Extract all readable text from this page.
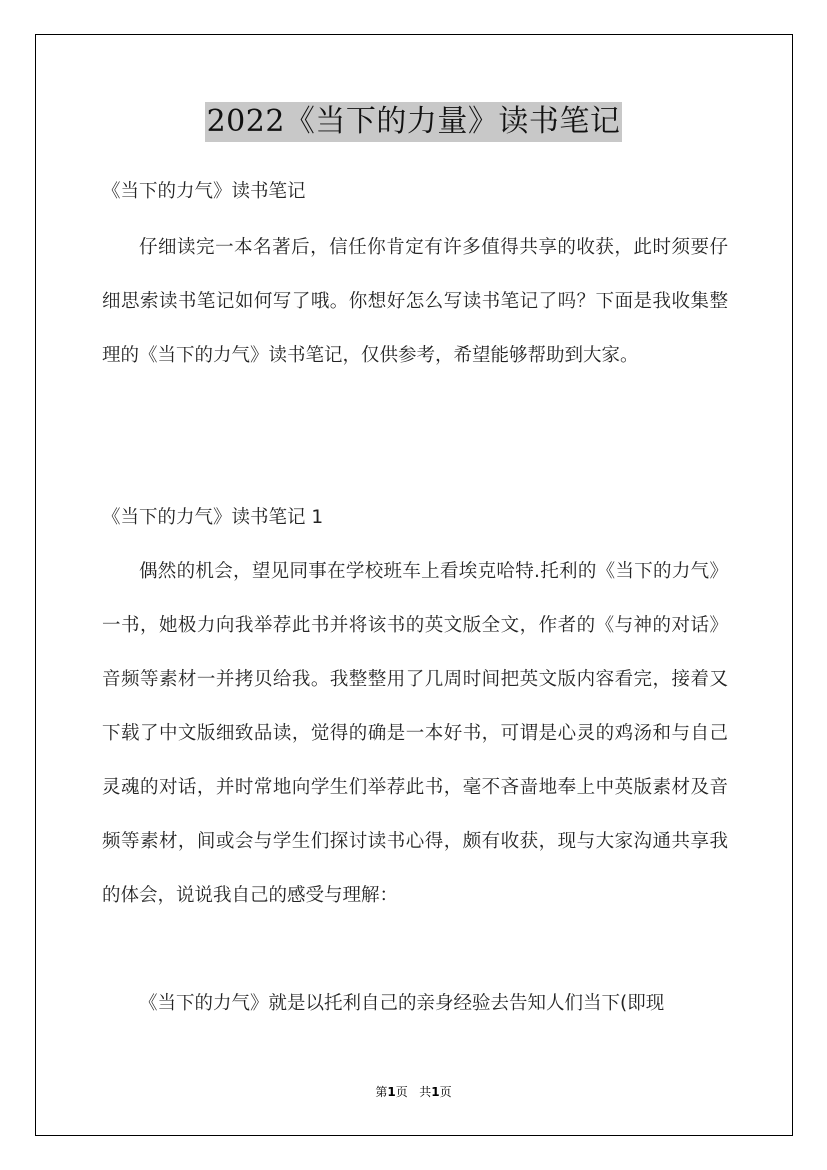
2022《当下的力量》读书笔记

《当下的力气》读书笔记

仔细读完一本名著后，信任你肯定有许多值得共享的收获，此时须要仔细思索读书笔记如何写了哦。你想好怎么写读书笔记了吗？下面是我收集整理的《当下的力气》读书笔记，仅供参考，希望能够帮助到大家。

《当下的力气》读书笔记 1

偶然的机会，望见同事在学校班车上看埃克哈特.托利的《当下的力气》一书，她极力向我举荐此书并将该书的英文版全文，作者的《与神的对话》音频等素材一并拷贝给我。我整整用了几周时间把英文版内容看完，接着又下载了中文版细致品读，觉得的确是一本好书，可谓是心灵的鸡汤和与自己灵魂的对话，并时常地向学生们举荐此书，毫不吝啬地奉上中英版素材及音频等素材，间或会与学生们探讨读书心得，颇有收获，现与大家沟通共享我的体会，说说我自己的感受与理解：

《当下的力气》就是以托利自己的亲身经验去告知人们当下(即现

第1页 共1页
